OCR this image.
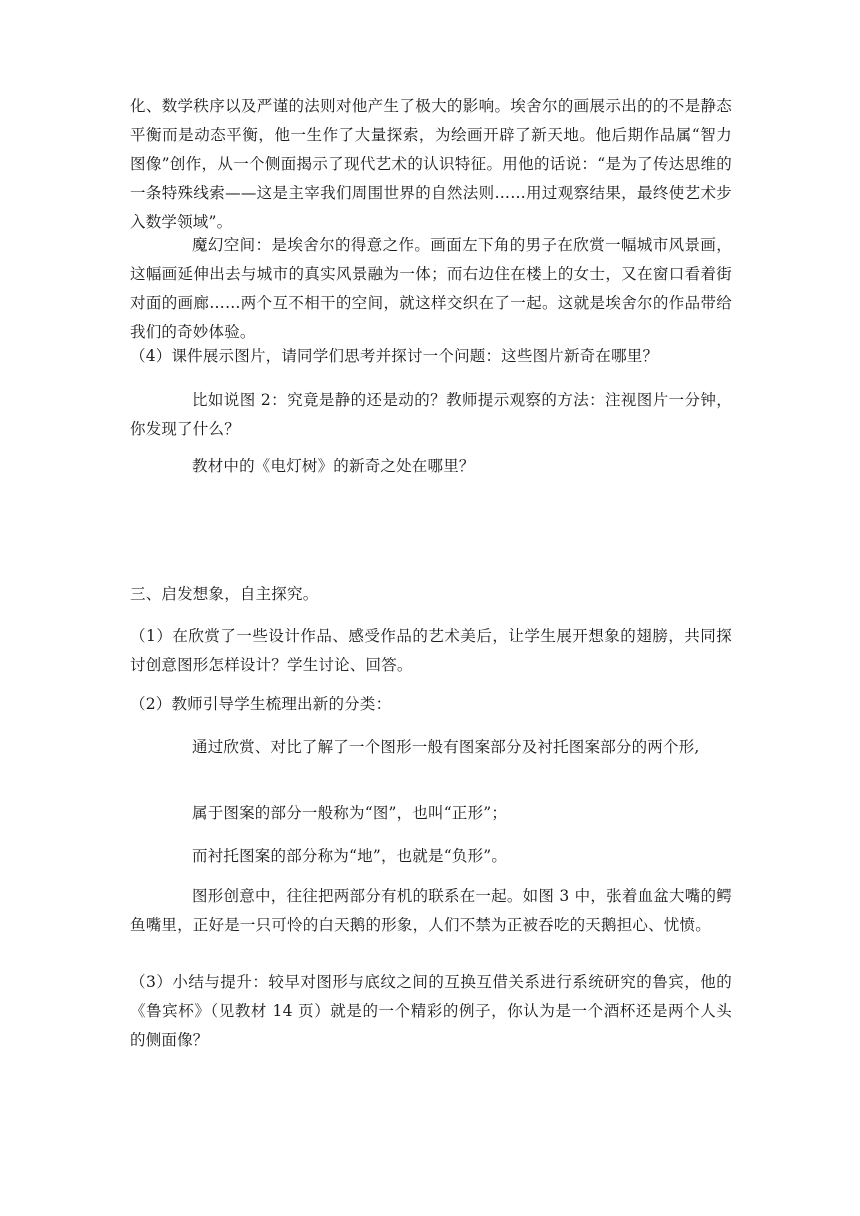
化、数学秩序以及严谨的法则对他产生了极大的影响。埃舍尔的画展示出的的不是静态平衡而是动态平衡，他一生作了大量探索，为绘画开辟了新天地。他后期作品属“智力图像”创作，从一个侧面揭示了现代艺术的认识特征。用他的话说：“是为了传达思维的一条特殊线索——这是主宰我们周围世界的自然法则……用过观察结果，最终使艺术步入数学领域”。

魔幻空间：是埃舍尔的得意之作。画面左下角的男子在欣赏一幅城市风景画，这幅画延伸出去与城市的真实风景融为一体；而右边住在楼上的女士，又在窗口看着街对面的画廊……两个互不相干的空间，就这样交织在了一起。这就是埃舍尔的作品带给我们的奇妙体验。

（4）课件展示图片，请同学们思考并探讨一个问题：这些图片新奇在哪里？

比如说图 2：究竟是静的还是动的？教师提示观察的方法：注视图片一分钟，你发现了什么？

教材中的《电灯树》的新奇之处在哪里？

三、启发想象，自主探究。

（1）在欣赏了一些设计作品、感受作品的艺术美后，让学生展开想象的翅膀，共同探讨创意图形怎样设计？学生讨论、回答。

（2）教师引导学生梳理出新的分类：

通过欣赏、对比了解了一个图形一般有图案部分及衬托图案部分的两个形,

属于图案的部分一般称为“图”，也叫“正形”；

而衬托图案的部分称为“地”，也就是“负形”。

图形创意中，往往把两部分有机的联系在一起。如图 3 中，张着血盆大嘴的鳄鱼嘴里，正好是一只可怜的白天鹅的形象，人们不禁为正被吞吃的天鹅担心、忧愤。

（3）小结与提升：较早对图形与底纹之间的互换互借关系进行系统研究的鲁宾，他的《鲁宾杯》（见教材 14 页）就是的一个精彩的例子，你认为是一个酒杯还是两个人头的侧面像？
